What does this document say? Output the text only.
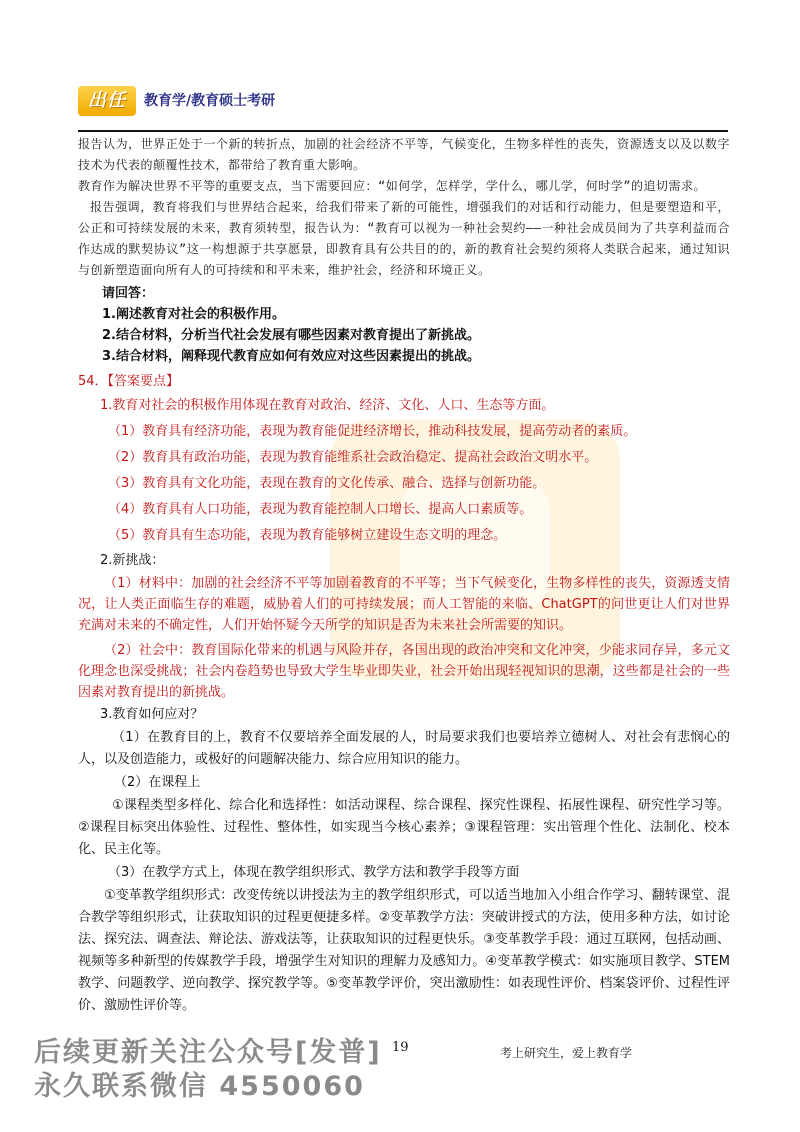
出任	教育学/教育硕士考研

报告认为，世界正处于一个新的转折点，加剧的社会经济不平等，气候变化，生物多样性的丧失，资源透支以及以数字技术为代表的颠覆性技术，都带给了教育重大影响。

教育作为解决世界不平等的重要支点，当下需要回应：“如何学，怎样学，学什么，哪儿学，何时学”的追切需求。

报告强调，教育将我们与世界结合起来，给我们带来了新的可能性，增强我们的对话和行动能力，但是要塑造和平，公正和可持续发展的未来，教育须转型，报告认为：“教育可以视为一种社会契约——一种社会成员间为了共享利益而合作达成的默契协议”这一构想源于共享愿景，即教育具有公共目的的，新的教育社会契约须将人类联合起来，通过知识与创新塑造面向所有人的可持续和和平未来，维护社会，经济和环境正义。

请回答：

1.阐述教育对社会的积极作用。

2.结合材料，分析当代社会发展有哪些因素对教育提出了新挑战。

3.结合材料，阐释现代教育应如何有效应对这些因素提出的挑战。

54．【答案要点】

1.教育对社会的积极作用体现在教育对政治、经济、文化、人口、生态等方面。

（1）教育具有经济功能，表现为教育能促进经济增长，推动科技发展，提高劳动者的素质。

（2）教育具有政治功能，表现为教育能维系社会政治稳定、提高社会政治文明水平。

（3）教育具有文化功能，表现在教育的文化传承、融合、选择与创新功能。

（4）教育具有人口功能，表现为教育能控制人口增长、提高人口素质等。

（5）教育具有生态功能，表现为教育能够树立建设生态文明的理念。

2.新挑战：

（1）材料中：加剧的社会经济不平等加剧着教育的不平等；当下气候变化，生物多样性的丧失，资源透支情况，让人类正面临生存的难题，威胁着人们的可持续发展；而人工智能的来临、ChatGPT的问世更让人们对世界充满对未来的不确定性，人们开始怀疑今天所学的知识是否为未来社会所需要的知识。

（2）社会中：教育国际化带来的机遇与风险并存，各国出现的政治冲突和文化冲突，少能求同存异，多元文化理念也深受挑战；社会内卷趋势也导致大学生毕业即失业，社会开始出现轻视知识的思潮，这些都是社会的一些因素对教育提出的新挑战。

3.教育如何应对？

（1）在教育目的上，教育不仅要培养全面发展的人，时局要求我们也要培养立德树人、对社会有悲悯心的人，以及创造能力，或极好的问题解决能力、综合应用知识的能力。

（2）在课程上

①课程类型多样化、综合化和选择性：如活动课程、综合课程、探究性课程、拓展性课程、研究性学习等。②课程目标突出体验性、过程性、整体性，如实现当今核心素养；③课程管理：实出管理个性化、法制化、校本化、民主化等。

（3）在教学方式上，体现在教学组织形式、教学方法和教学手段等方面

①变革教学组织形式：改变传统以讲授法为主的教学组织形式，可以适当地加入小组合作学习、翻转课堂、混合教学等组织形式，让获取知识的过程更便捷多样。②变革教学方法：突破讲授式的方法，使用多种方法，如讨论法、探究法、调查法、辩论法、游戏法等，让获取知识的过程更快乐。③变革教学手段：通过互联网，包括动画、视频等多种新型的传媒教学手段，增强学生对知识的理解力及感知力。④变革教学模式：如实施项目教学、STEM教学、问题教学、逆向教学、探究教学等。⑤变革教学评价，突出激励性：如表现性评价、档案袋评价、过程性评价、激励性评价等。

后续更新关注公众号[发普]
永久联系微信 4550060
19	考上研究生，爱上教育学
